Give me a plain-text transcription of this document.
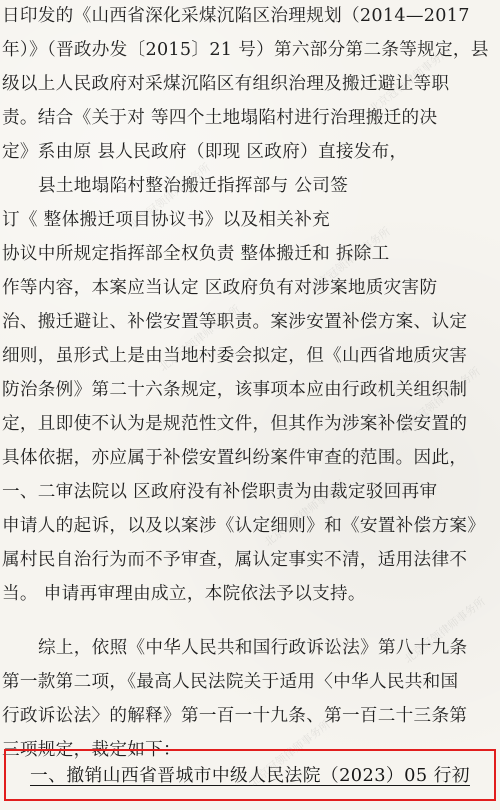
日印发的《山西省深化采煤沉陷区治理规划（2014—2017
年）》（晋政办发〔2015〕21 号）第六部分第二条等规定，县
级以上人民政府对采煤沉陷区有组织治理及搬迁避让等职
责。结合《关于对 等四个土地塌陷村进行治理搬迁的决
定》系由原 县人民政府（即现 区政府）直接发布，
县土地塌陷村整治搬迁指挥部与 公司签
订《 整体搬迁项目协议书》以及相关补充
协议中所规定指挥部全权负责 整体搬迁和 拆除工
作等内容，本案应当认定 区政府负有对涉案地质灾害防
治、搬迁避让、补偿安置等职责。案涉安置补偿方案、认定
细则，虽形式上是由当地村委会拟定，但《山西省地质灾害
防治条例》第二十六条规定，该事项本应由行政机关组织制
定，且即使不认为是规范性文件，但其作为涉案补偿安置的
具体依据，亦应属于补偿安置纠纷案件审查的范围。因此，
一、二审法院以 区政府没有补偿职责为由裁定驳回再审
申请人的起诉，以及以案涉《认定细则》和《安置补偿方案》
属村民自治行为而不予审查，属认定事实不清，适用法律不
当。 申请再审理由成立，本院依法予以支持。
综上，依照《中华人民共和国行政诉讼法》第八十九条
第一款第二项，《最高人民法院关于适用〈中华人民共和国
行政诉讼法〉的解释》第一百一十九条、第一百二十三条第
三项规定，裁定如下：
一、撤销山西省晋城市中级人民法院（2023）05 行初
北京冠领律师事务所
北京冠领律师事务所
北京冠领律师事务所
北京冠领律师事务所
北京冠领律师事务所
北京冠领律师事务所
北京冠领律师事务所
北京冠领律师事务所
